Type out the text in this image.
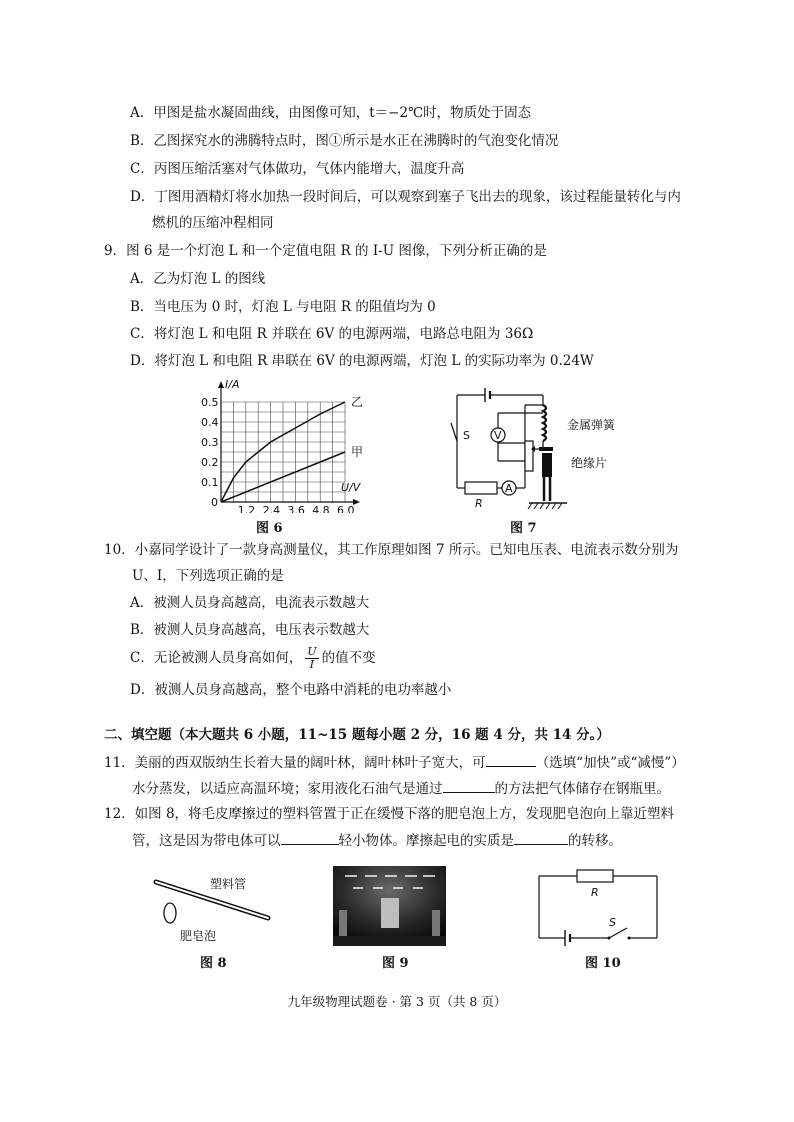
A．甲图是盐水凝固曲线，由图像可知，t＝−2℃时，物质处于固态
B．乙图探究水的沸腾特点时，图①所示是水正在沸腾时的气泡变化情况
C．丙图压缩活塞对气体做功，气体内能增大，温度升高
D．丁图用酒精灯将水加热一段时间后，可以观察到塞子飞出去的现象，该过程能量转化与内
燃机的压缩冲程相同
9．图 6 是一个灯泡 L 和一个定值电阻 R 的 I-U 图像，下列分析正确的是
A．乙为灯泡 L 的图线
B．当电压为 0 时，灯泡 L 与电阻 R 的阻值均为 0
C．将灯泡 L 和电阻 R 并联在 6V 的电源两端，电路总电阻为 36Ω
D．将灯泡 L 和电阻 R 串联在 6V 的电源两端，灯泡 L 的实际功率为 0.24W
I/A
U/V
0
0.1
0.2
0.3
0.4
0.5
1.2 2.4 3.6 4.8 6.0
乙
甲
图 6
S
R
A
V
金属弹簧
绝缘片
图 7
10．小嘉同学设计了一款身高测量仪，其工作原理如图 7 所示。已知电压表、电流表示数分别为
U、I，下列选项正确的是
A．被测人员身高越高，电流表示数越大
B．被测人员身高越高，电压表示数越大
C．无论被测人员身高如何， $\frac{U}{I}$ 的值不变
D．被测人员身高越高，整个电路中消耗的电功率越小
二、填空题（本大题共 6 小题，11~15 题每小题 2 分，16 题 4 分，共 14 分。）
11．美丽的西双版纳生长着大量的阔叶林，阔叶林叶子宽大，可	（选填“加快”或“减慢”）
水分蒸发，以适应高温环境；家用液化石油气是通过	的方法把气体储存在钢瓶里。
12．如图 8，将毛皮摩擦过的塑料管置于正在缓慢下落的肥皂泡上方，发现肥皂泡向上靠近塑料
管，这是因为带电体可以	轻小物体。摩擦起电的实质是	的转移。
塑料管
肥皂泡
图 8	图 9
R
S
图 10
九年级物理试题卷 · 第 3 页（共 8 页）
